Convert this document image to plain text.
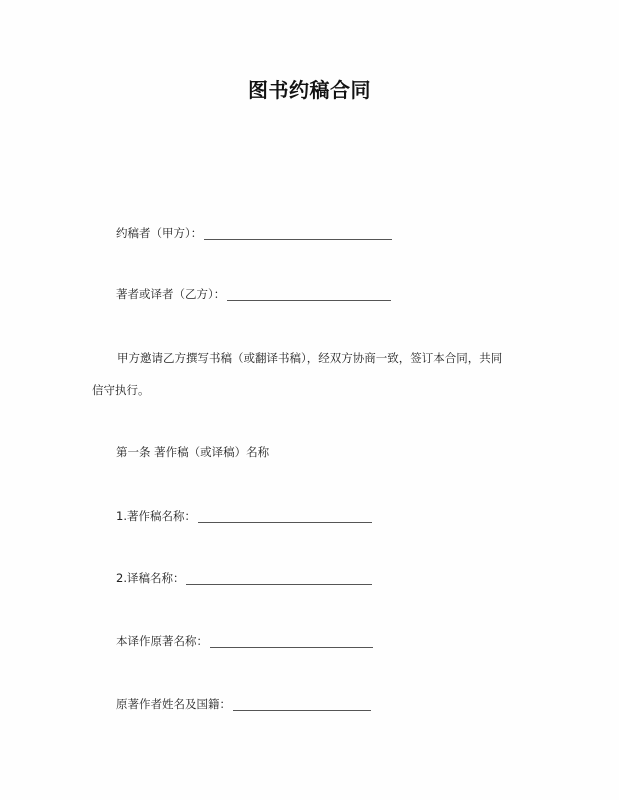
图书约稿合同
约稿者（甲方）：
著者或译者（乙方）：
甲方邀请乙方撰写书稿（或翻译书稿），经双方协商一致，签订本合同，共同
信守执行。
第一条 著作稿（或译稿）名称
1.著作稿名称：
2.译稿名称：
本译作原著名称：
原著作者姓名及国籍：
